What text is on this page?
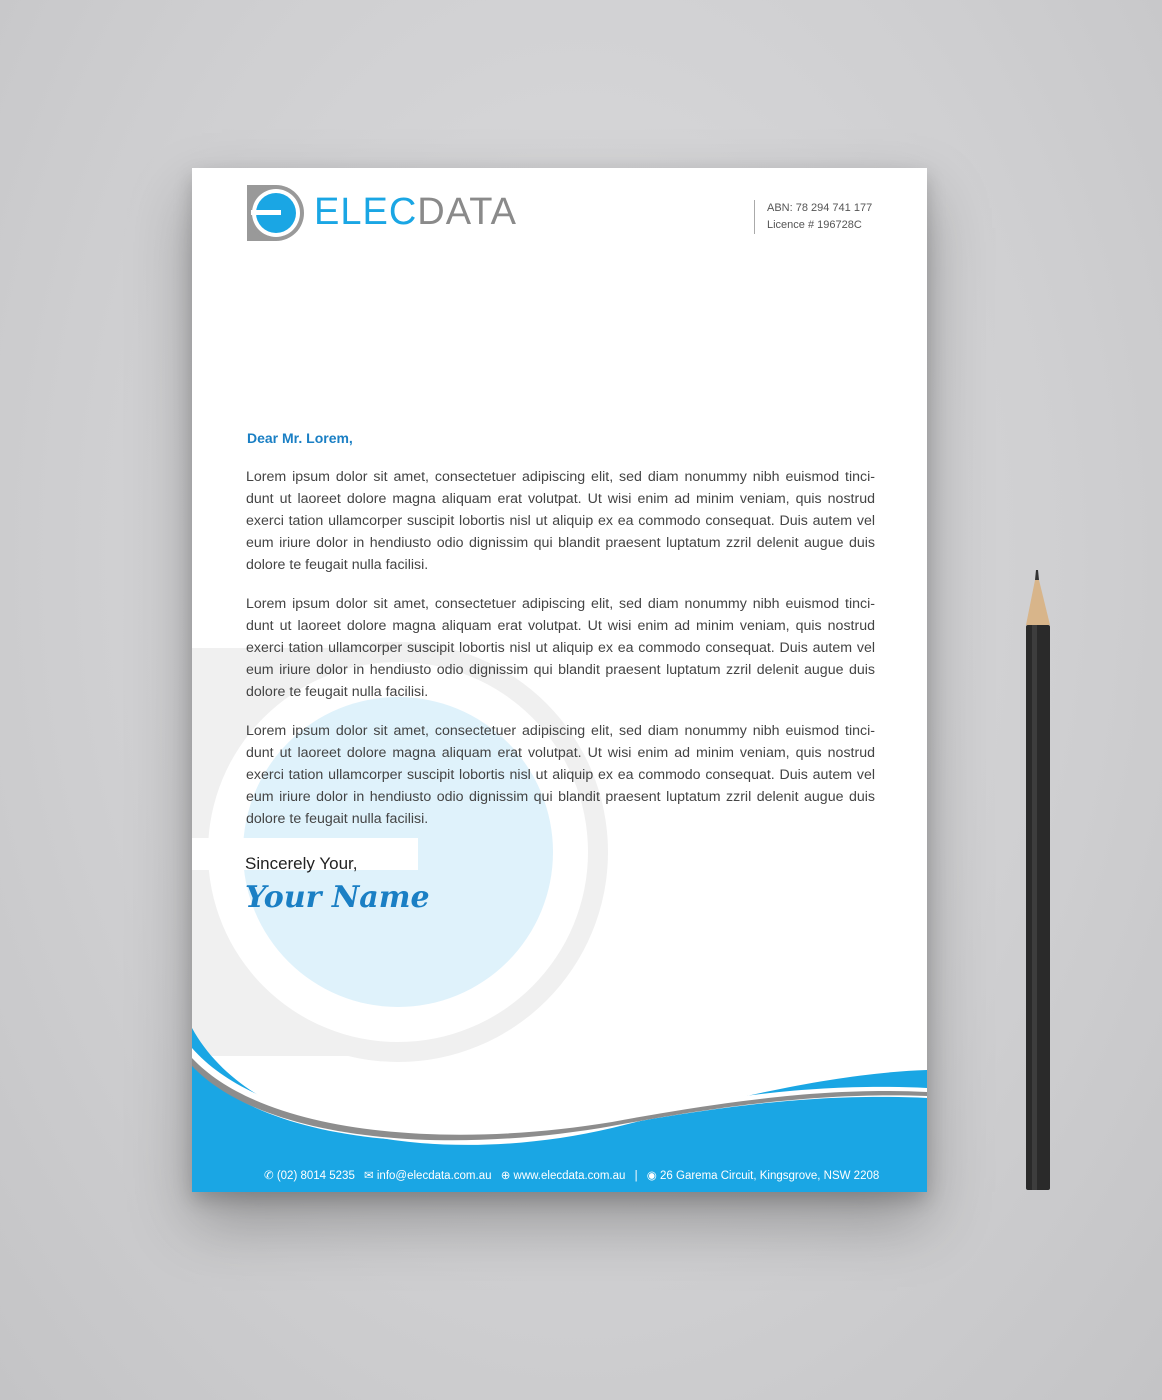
ELECDATA	ABN: 78 294 741 177
Licence # 196728C
Dear Mr. Lorem,

Lorem ipsum dolor sit amet, consectetuer adipiscing elit, sed diam nonummy nibh euismod tinci-dunt ut laoreet dolore magna aliquam erat volutpat. Ut wisi enim ad minim veniam, quis nostrud exerci tation ullamcorper suscipit lobortis nisl ut aliquip ex ea commodo consequat. Duis autem vel eum iriure dolor in hendiusto odio dignissim qui blandit praesent luptatum zzril delenit augue duis dolore te feugait nulla facilisi.

Lorem ipsum dolor sit amet, consectetuer adipiscing elit, sed diam nonummy nibh euismod tinci-dunt ut laoreet dolore magna aliquam erat volutpat. Ut wisi enim ad minim veniam, quis nostrud exerci tation ullamcorper suscipit lobortis nisl ut aliquip ex ea commodo consequat. Duis autem vel eum iriure dolor in hendiusto odio dignissim qui blandit praesent luptatum zzril delenit augue duis dolore te feugait nulla facilisi.

Lorem ipsum dolor sit amet, consectetuer adipiscing elit, sed diam nonummy nibh euismod tinci-dunt ut laoreet dolore magna aliquam erat volutpat. Ut wisi enim ad minim veniam, quis nostrud exerci tation ullamcorper suscipit lobortis nisl ut aliquip ex ea commodo consequat. Duis autem vel eum iriure dolor in hendiusto odio dignissim qui blandit praesent luptatum zzril delenit augue duis dolore te feugait nulla facilisi.

Sincerely Your,
Your Name
✆ (02) 8014 5235 ✉ info@elecdata.com.au ⊕ www.elecdata.com.au | ◉ 26 Garema Circuit, Kingsgrove, NSW 2208
